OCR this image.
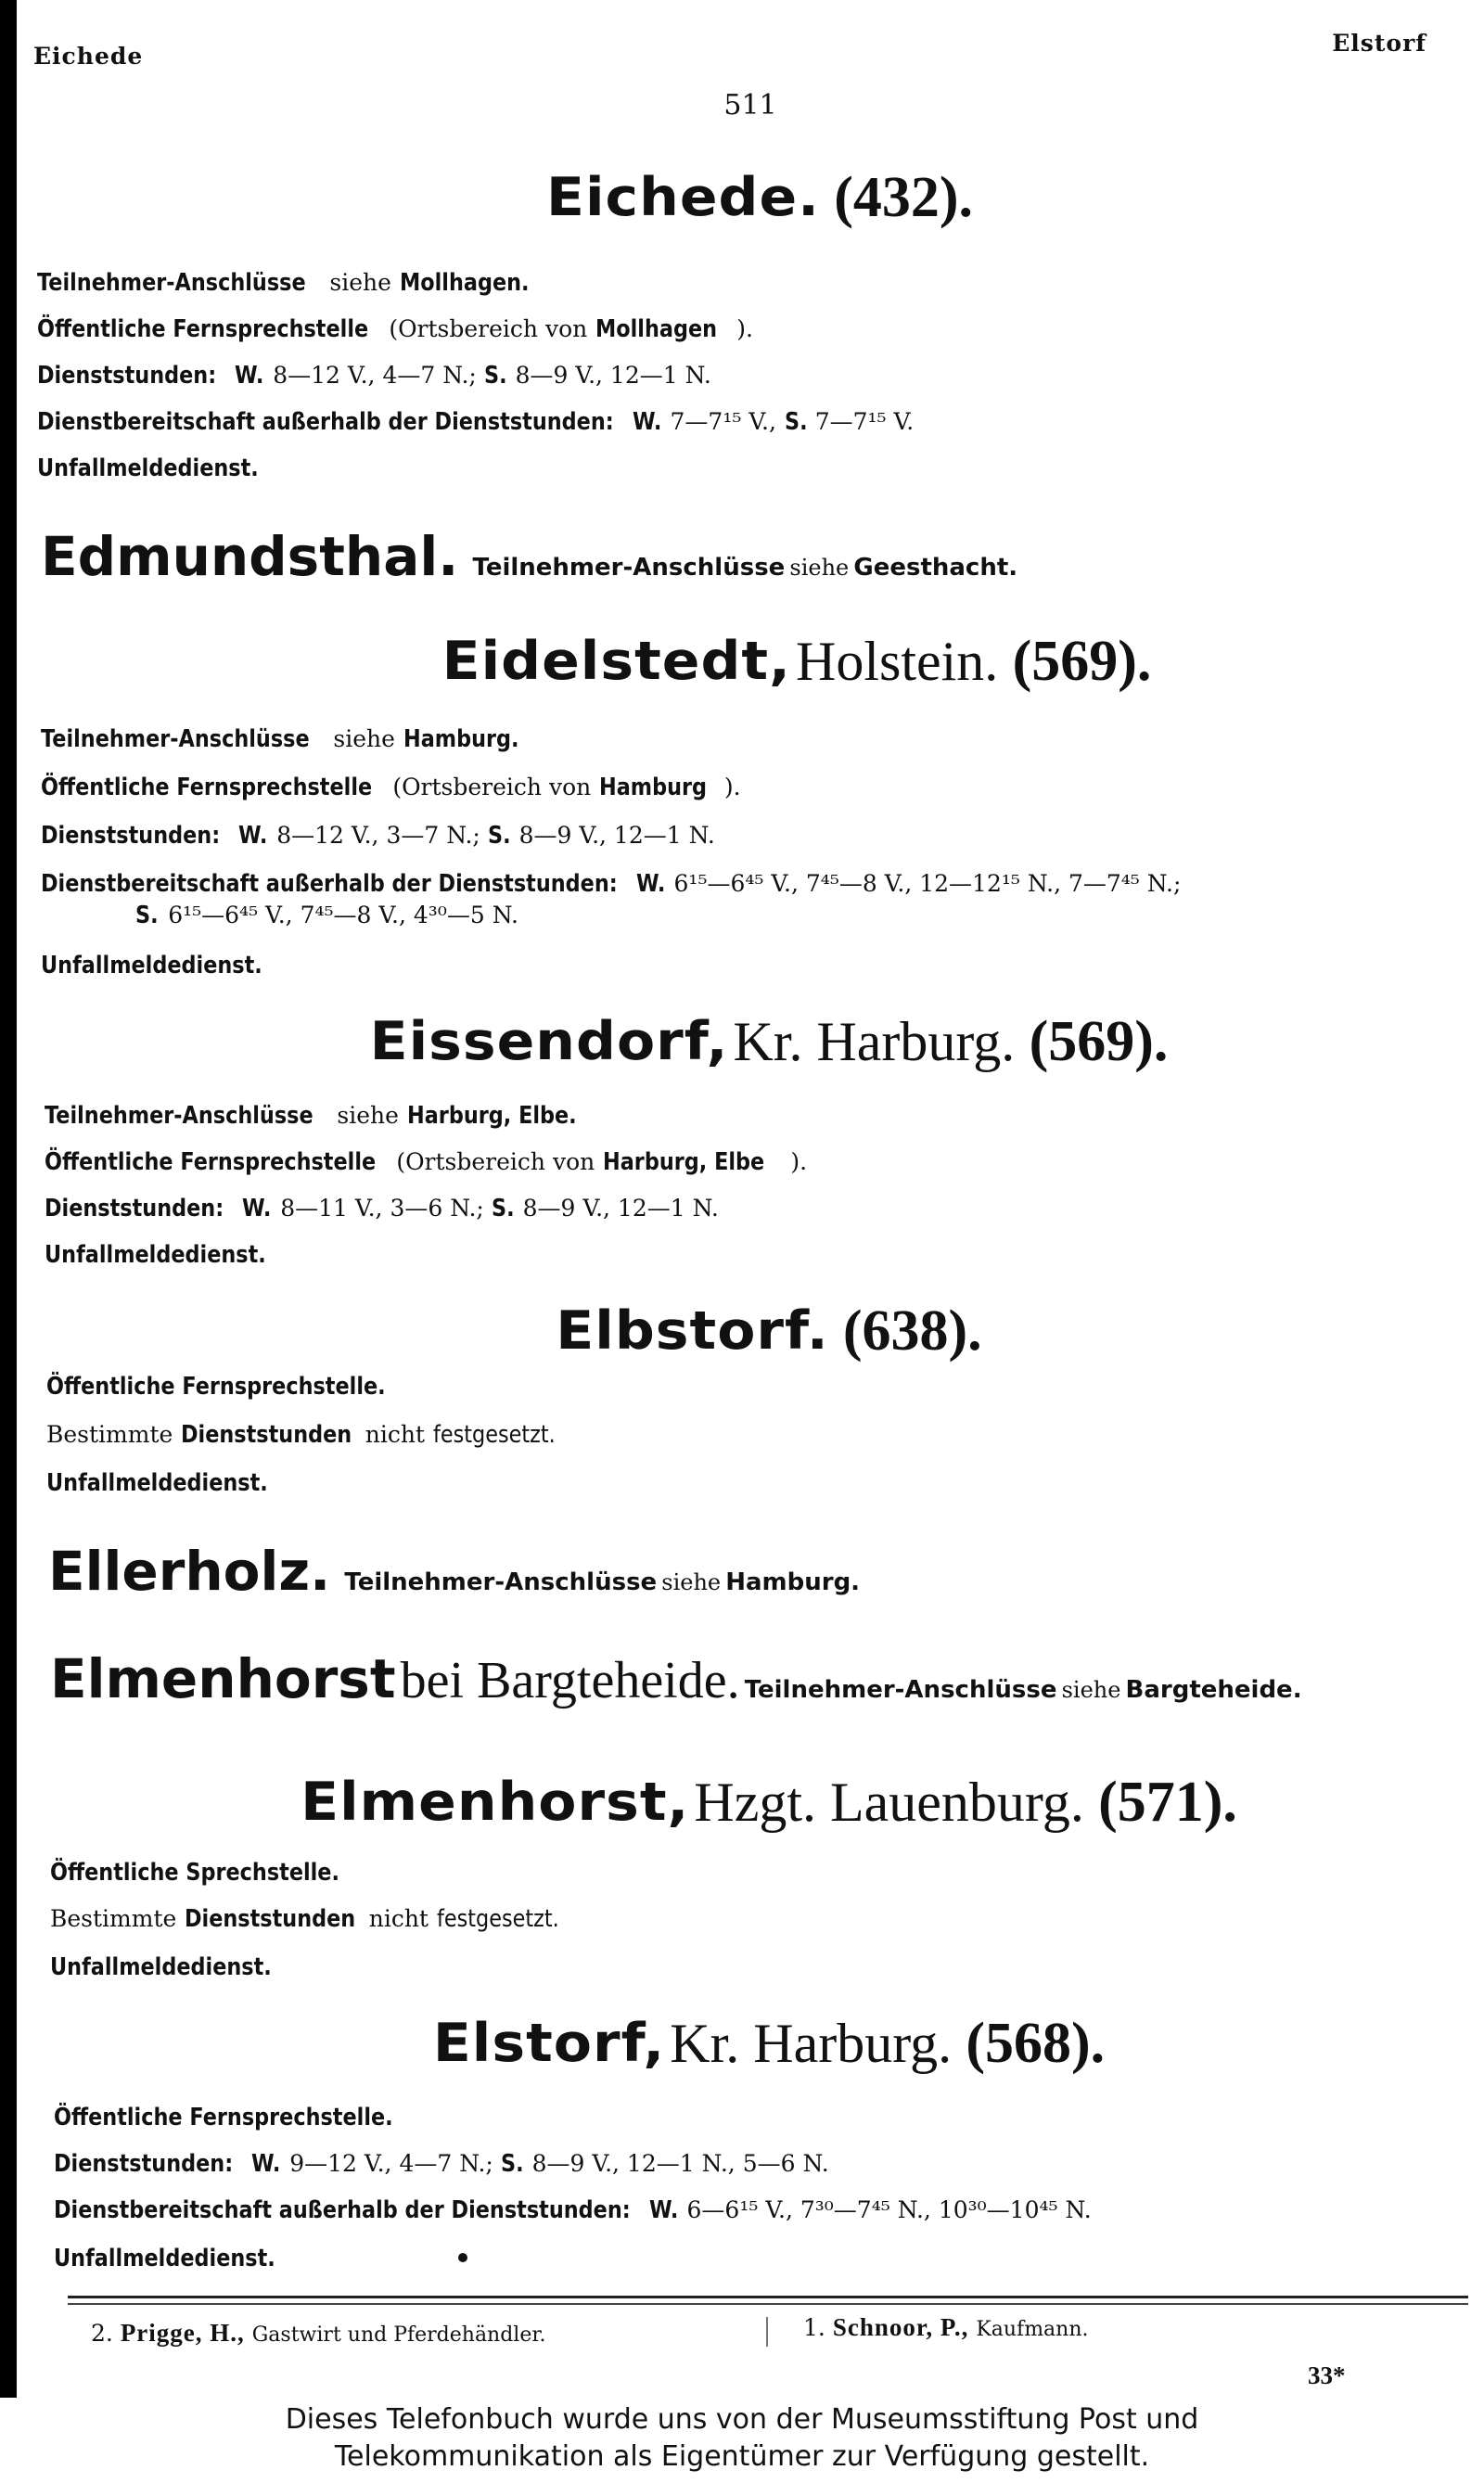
Eichede	Elstorf
511
Eichede. (432).
Teilnehmer-Anschlüsse siehe Mollhagen.
Öffentliche Fernsprechstelle (Ortsbereich von Mollhagen ).
Dienststunden: W. 8—12 V., 4—7 N.; S. 8—9 V., 12—1 N.
Dienstbereitschaft außerhalb der Dienststunden: W. 7—7¹⁵ V., S. 7—7¹⁵ V.
Unfallmeldedienst.
Edmundsthal. Teilnehmer-Anschlüsse siehe Geesthacht.
Eidelstedt, Holstein. (569).
Teilnehmer-Anschlüsse siehe Hamburg.
Öffentliche Fernsprechstelle (Ortsbereich von Hamburg ).
Dienststunden: W. 8—12 V., 3—7 N.; S. 8—9 V., 12—1 N.
Dienstbereitschaft außerhalb der Dienststunden: W. 6¹⁵—6⁴⁵ V., 7⁴⁵—8 V., 12—12¹⁵ N., 7—7⁴⁵ N.;
S. 6¹⁵—6⁴⁵ V., 7⁴⁵—8 V., 4³⁰—5 N.
Unfallmeldedienst.
Eissendorf, Kr. Harburg. (569).
Teilnehmer-Anschlüsse siehe Harburg, Elbe.
Öffentliche Fernsprechstelle (Ortsbereich von Harburg, Elbe ).
Dienststunden: W. 8—11 V., 3—6 N.; S. 8—9 V., 12—1 N.
Unfallmeldedienst.
Elbstorf. (638).
Öffentliche Fernsprechstelle.
Bestimmte Dienststunden nicht festgesetzt.
Unfallmeldedienst.
Ellerholz. Teilnehmer-Anschlüsse siehe Hamburg.
Elmenhorst bei Bargteheide. Teilnehmer-Anschlüsse siehe Bargteheide.
Elmenhorst, Hzgt. Lauenburg. (571).
Öffentliche Sprechstelle.
Bestimmte Dienststunden nicht festgesetzt.
Unfallmeldedienst.
Elstorf, Kr. Harburg. (568).
Öffentliche Fernsprechstelle.
Dienststunden: W. 9—12 V., 4—7 N.; S. 8—9 V., 12—1 N., 5—6 N.
Dienstbereitschaft außerhalb der Dienststunden: W. 6—6¹⁵ V., 7³⁰—7⁴⁵ N., 10³⁰—10⁴⁵ N.
Unfallmeldedienst.
2. Prigge, H., Gastwirt und Pferdehändler.	1. Schnoor, P., Kaufmann.
33*
Dieses Telefonbuch wurde uns von der Museumsstiftung Post und
Telekommunikation als Eigentümer zur Verfügung gestellt.
